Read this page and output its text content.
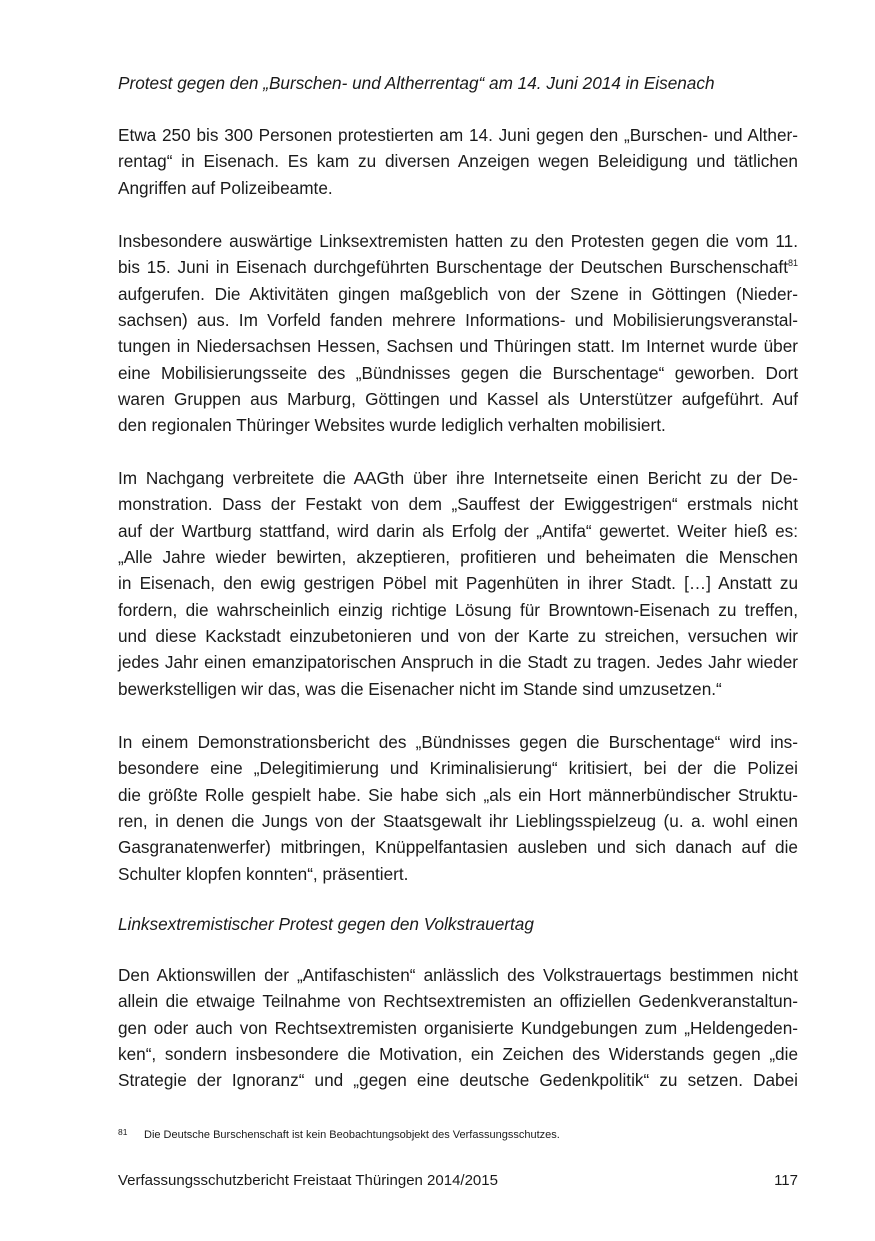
Protest gegen den „Burschen- und Altherrentag“ am 14. Juni 2014 in Eisenach
Etwa 250 bis 300 Personen protestierten am 14. Juni gegen den „Burschen- und Alther-
rentag“ in Eisenach. Es kam zu diversen Anzeigen wegen Beleidigung und tätlichen
Angriffen auf Polizeibeamte.
Insbesondere auswärtige Linksextremisten hatten zu den Protesten gegen die vom 11.
bis 15. Juni in Eisenach durchgeführten Burschentage der Deutschen Burschenschaft$^{81}$
aufgerufen. Die Aktivitäten gingen maßgeblich von der Szene in Göttingen (Nieder-
sachsen) aus. Im Vorfeld fanden mehrere Informations- und Mobilisierungsveranstal-
tungen in Niedersachsen Hessen, Sachsen und Thüringen statt. Im Internet wurde über
eine Mobilisierungsseite des „Bündnisses gegen die Burschentage“ geworben. Dort
waren Gruppen aus Marburg, Göttingen und Kassel als Unterstützer aufgeführt. Auf
den regionalen Thüringer Websites wurde lediglich verhalten mobilisiert.
Im Nachgang verbreitete die AAGth über ihre Internetseite einen Bericht zu der De-
monstration. Dass der Festakt von dem „Sauffest der Ewiggestrigen“ erstmals nicht
auf der Wartburg stattfand, wird darin als Erfolg der „Antifa“ gewertet. Weiter hieß es:
„Alle Jahre wieder bewirten, akzeptieren, profitieren und beheimaten die Menschen
in Eisenach, den ewig gestrigen Pöbel mit Pagenhüten in ihrer Stadt. […] Anstatt zu
fordern, die wahrscheinlich einzig richtige Lösung für Browntown-Eisenach zu treffen,
und diese Kackstadt einzubetonieren und von der Karte zu streichen, versuchen wir
jedes Jahr einen emanzipatorischen Anspruch in die Stadt zu tragen. Jedes Jahr wieder
bewerkstelligen wir das, was die Eisenacher nicht im Stande sind umzusetzen.“
In einem Demonstrationsbericht des „Bündnisses gegen die Burschentage“ wird ins-
besondere eine „Delegitimierung und Kriminalisierung“ kritisiert, bei der die Polizei
die größte Rolle gespielt habe. Sie habe sich „als ein Hort männerbündischer Struktu-
ren, in denen die Jungs von der Staatsgewalt ihr Lieblingsspielzeug (u. a. wohl einen
Gasgranatenwerfer) mitbringen, Knüppelfantasien ausleben und sich danach auf die
Schulter klopfen konnten“, präsentiert.
Linksextremistischer Protest gegen den Volkstrauertag
Den Aktionswillen der „Antifaschisten“ anlässlich des Volkstrauertags bestimmen nicht
allein die etwaige Teilnahme von Rechtsextremisten an offiziellen Gedenkveranstaltun-
gen oder auch von Rechtsextremisten organisierte Kundgebungen zum „Heldengeden-
ken“, sondern insbesondere die Motivation, ein Zeichen des Widerstands gegen „die
Strategie der Ignoranz“ und „gegen eine deutsche Gedenkpolitik“ zu setzen. Dabei

81 Die Deutsche Burschenschaft ist kein Beobachtungsobjekt des Verfassungsschutzes.

Verfassungsschutzbericht Freistaat Thüringen 2014/2015	117
